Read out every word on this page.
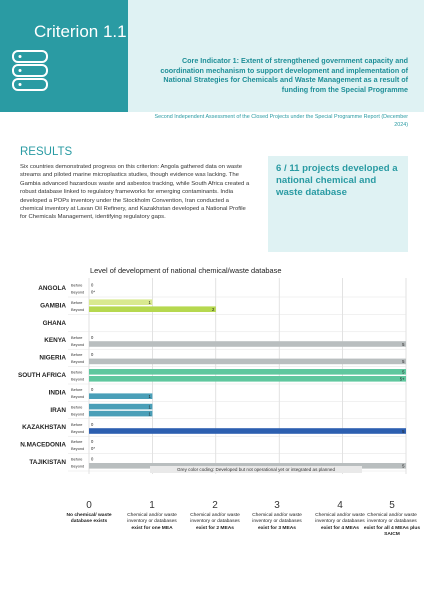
Criterion 1.1
Core Indicator 1: Extent of strengthened government capacity and coordination mechanism to support development and implementation of National Strategies for Chemicals and Waste Management as a result of funding from the Special Programme
Second Independent Assessment of the Closed Projects under the Special Programme Report (December 2024)
RESULTS
Six countries demonstrated progress on this criterion: Angola gathered data on waste streams and piloted marine microplastics studies, though evidence was lacking. The Gambia advanced hazardous waste and asbestos tracking, while South Africa created a robust database linked to regulatory frameworks for emerging contaminants. India developed a POPs inventory under the Stockholm Convention, Iran conducted a chemical inventory at Lavan Oil Refinery, and Kazakhstan developed a National Profile for Chemicals Management, identifying regulatory gaps.
6 / 11 projects developed a national chemical and waste database
Level of development of national chemical/waste database
ANGOLA Before 0
Beyond 0*
GAMBIA Before	1
Beyond	2
GHANA
KENYA Before 0
Beyond	5
NIGERIA Before 0
Beyond	5
SOUTH AFRICA Before	5
Beyond	5+
INDIA Before 0
Beyond	1
IRAN Before	1
Beyond	1
KAZAKHSTAN Before 0
Beyond	5
N.MACEDONIA Before 0
Beyond 0*
TAJIKISTAN Before 0
Beyond	5
Grey color coding: Developed but not operational yet or integrated as planned
0
No chemical/ waste database exists
1
Chemical and/or waste inventory or databases exist for one MEA
2
Chemical and/or waste inventory or databases exist for 2 MEAs
3
Chemical and/or waste inventory or databases exist for 3 MEAs
4
Chemical and/or waste inventory or databases exist for 4 MEAs
5
Chemical and/or waste inventory or databases exist for all 4 MEAs plus SAICM
